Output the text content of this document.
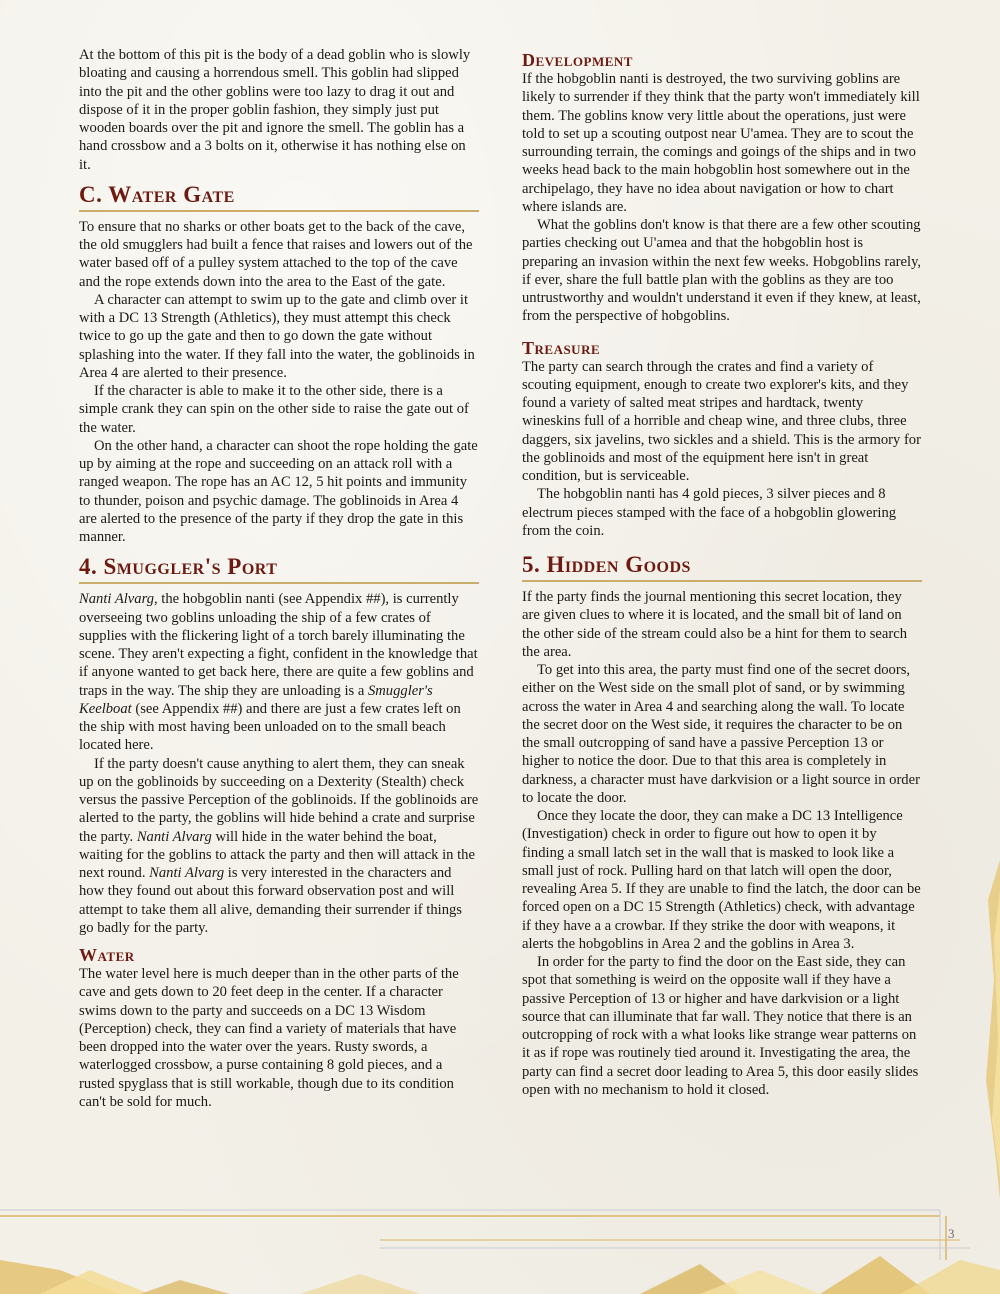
At the bottom of this pit is the body of a dead goblin who is slowly bloating and causing a horrendous smell. This goblin had slipped into the pit and the other goblins were too lazy to drag it out and dispose of it in the proper goblin fashion, they simply just put wooden boards over the pit and ignore the smell. The goblin has a hand crossbow and a 3 bolts on it, otherwise it has nothing else on it.

C. Water Gate

To ensure that no sharks or other boats get to the back of the cave, the old smugglers had built a fence that raises and lowers out of the water based off of a pulley system attached to the top of the cave and the rope extends down into the area to the East of the gate.

A character can attempt to swim up to the gate and climb over it with a DC 13 Strength (Athletics), they must attempt this check twice to go up the gate and then to go down the gate without splashing into the water. If they fall into the water, the goblinoids in Area 4 are alerted to their presence.

If the character is able to make it to the other side, there is a simple crank they can spin on the other side to raise the gate out of the water.

On the other hand, a character can shoot the rope holding the gate up by aiming at the rope and succeeding on an attack roll with a ranged weapon. The rope has an AC 12, 5 hit points and immunity to thunder, poison and psychic damage. The goblinoids in Area 4 are alerted to the presence of the party if they drop the gate in this manner.

4. Smuggler's Port

Nanti Alvarg, the hobgoblin nanti (see Appendix ##), is currently overseeing two goblins unloading the ship of a few crates of supplies with the flickering light of a torch barely illuminating the scene. They aren't expecting a fight, confident in the knowledge that if anyone wanted to get back here, there are quite a few goblins and traps in the way. The ship they are unloading is a Smuggler's Keelboat (see Appendix ##) and there are just a few crates left on the ship with most having been unloaded on to the small beach located here.

If the party doesn't cause anything to alert them, they can sneak up on the goblinoids by succeeding on a Dexterity (Stealth) check versus the passive Perception of the goblinoids. If the goblinoids are alerted to the party, the goblins will hide behind a crate and surprise the party. Nanti Alvarg will hide in the water behind the boat, waiting for the goblins to attack the party and then will attack in the next round. Nanti Alvarg is very interested in the characters and how they found out about this forward observation post and will attempt to take them all alive, demanding their surrender if things go badly for the party.

Water

The water level here is much deeper than in the other parts of the cave and gets down to 20 feet deep in the center. If a character swims down to the party and succeeds on a DC 13 Wisdom (Perception) check, they can find a variety of materials that have been dropped into the water over the years. Rusty swords, a waterlogged crossbow, a purse containing 8 gold pieces, and a rusted spyglass that is still workable, though due to its condition can't be sold for much.

Development

If the hobgoblin nanti is destroyed, the two surviving goblins are likely to surrender if they think that the party won't immediately kill them. The goblins know very little about the operations, just were told to set up a scouting outpost near U'amea. They are to scout the surrounding terrain, the comings and goings of the ships and in two weeks head back to the main hobgoblin host somewhere out in the archipelago, they have no idea about navigation or how to chart where islands are.

What the goblins don't know is that there are a few other scouting parties checking out U'amea and that the hobgoblin host is preparing an invasion within the next few weeks. Hobgoblins rarely, if ever, share the full battle plan with the goblins as they are too untrustworthy and wouldn't understand it even if they knew, at least, from the perspective of hobgoblins.

Treasure

The party can search through the crates and find a variety of scouting equipment, enough to create two explorer's kits, and they found a variety of salted meat stripes and hardtack, twenty wineskins full of a horrible and cheap wine, and three clubs, three daggers, six javelins, two sickles and a shield. This is the armory for the goblinoids and most of the equipment here isn't in great condition, but is serviceable.

The hobgoblin nanti has 4 gold pieces, 3 silver pieces and 8 electrum pieces stamped with the face of a hobgoblin glowering from the coin.

5. Hidden Goods

If the party finds the journal mentioning this secret location, they are given clues to where it is located, and the small bit of land on the other side of the stream could also be a hint for them to search the area.

To get into this area, the party must find one of the secret doors, either on the West side on the small plot of sand, or by swimming across the water in Area 4 and searching along the wall. To locate the secret door on the West side, it requires the character to be on the small outcropping of sand have a passive Perception 13 or higher to notice the door. Due to that this area is completely in darkness, a character must have darkvision or a light source in order to locate the door.

Once they locate the door, they can make a DC 13 Intelligence (Investigation) check in order to figure out how to open it by finding a small latch set in the wall that is masked to look like a small just of rock. Pulling hard on that latch will open the door, revealing Area 5. If they are unable to find the latch, the door can be forced open on a DC 15 Strength (Athletics) check, with advantage if they have a a crowbar. If they strike the door with weapons, it alerts the hobgoblins in Area 2 and the goblins in Area 3.

In order for the party to find the door on the East side, they can spot that something is weird on the opposite wall if they have a passive Perception of 13 or higher and have darkvision or a light source that can illuminate that far wall. They notice that there is an outcropping of rock with a what looks like strange wear patterns on it as if rope was routinely tied around it. Investigating the area, the party can find a secret door leading to Area 5, this door easily slides open with no mechanism to hold it closed.

3
